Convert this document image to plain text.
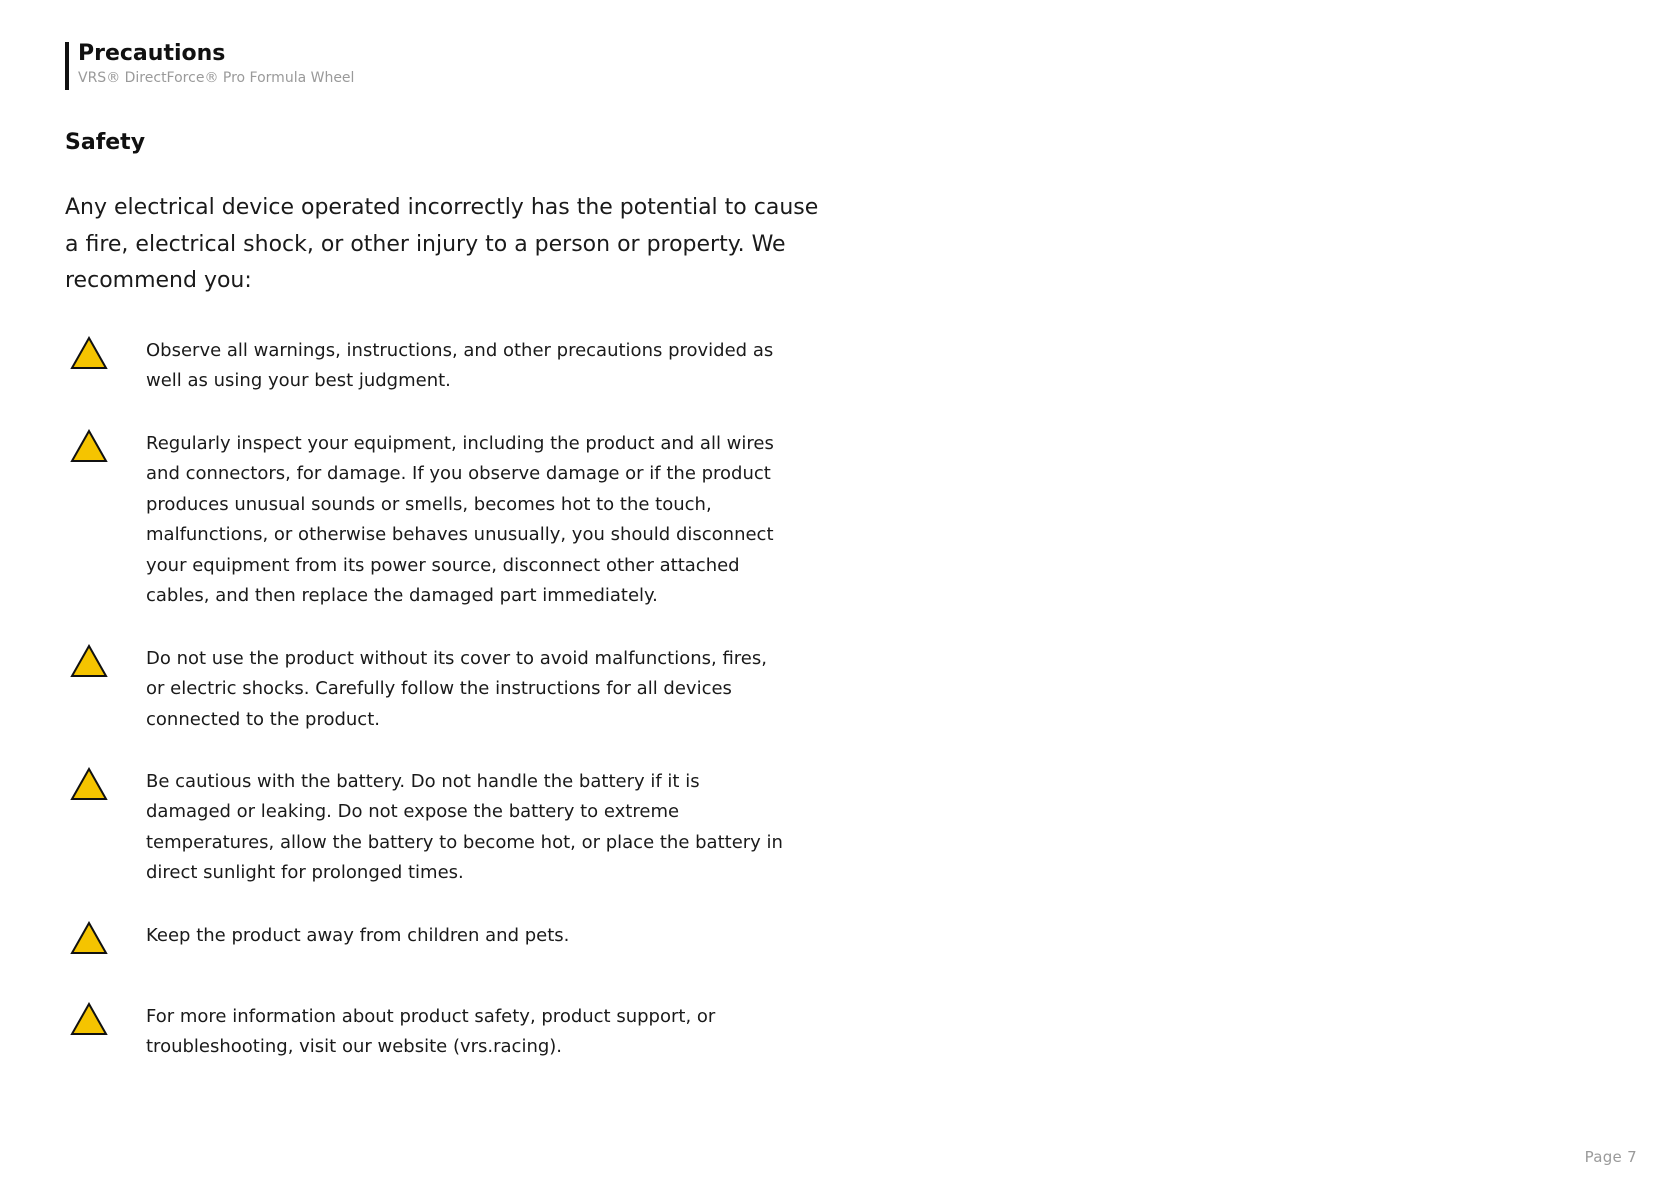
Precautions
VRS® DirectForce® Pro Formula Wheel
Safety
Any electrical device operated incorrectly has the potential to cause a fire, electrical shock, or other injury to a person or property. We recommend you:
Observe all warnings, instructions, and other precautions provided as well as using your best judgment.
Regularly inspect your equipment, including the product and all wires and connectors, for damage. If you observe damage or if the product produces unusual sounds or smells, becomes hot to the touch, malfunctions, or otherwise behaves unusually, you should disconnect your equipment from its power source, disconnect other attached cables, and then replace the damaged part immediately.
Do not use the product without its cover to avoid malfunctions, fires, or electric shocks. Carefully follow the instructions for all devices connected to the product.
Be cautious with the battery. Do not handle the battery if it is damaged or leaking. Do not expose the battery to extreme temperatures, allow the battery to become hot, or place the battery in direct sunlight for prolonged times.
Keep the product away from children and pets.
For more information about product safety, product support, or troubleshooting, visit our website (vrs.racing).
Page 7
